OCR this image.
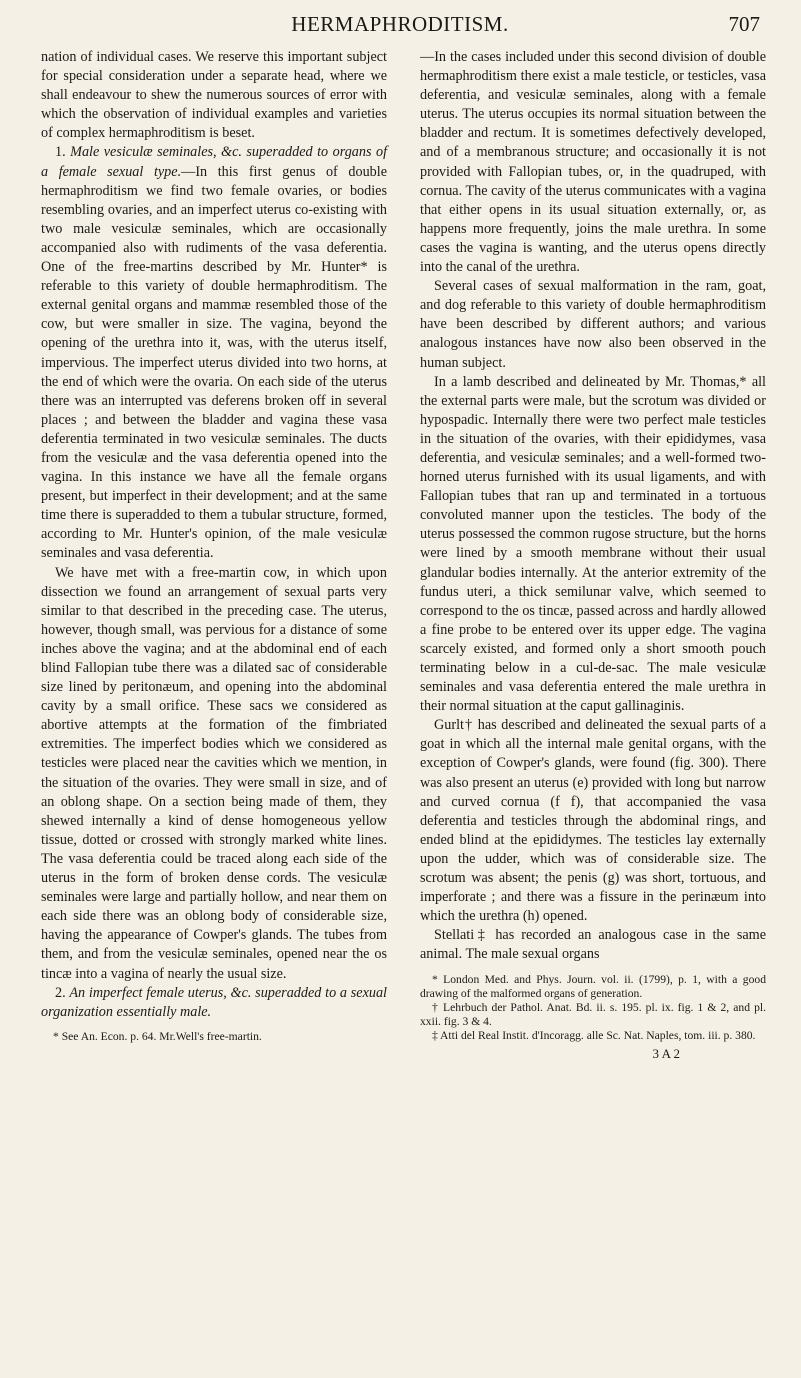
HERMAPHRODITISM.	707

nation of individual cases. We reserve this important subject for special consideration under a separate head, where we shall endeavour to shew the numerous sources of error with which the observation of individual examples and varieties of complex hermaphroditism is beset.

1. Male vesiculæ seminales, &c. superadded to organs of a female sexual type.—In this first genus of double hermaphroditism we find two female ovaries, or bodies resembling ovaries, and an imperfect uterus co-existing with two male vesiculæ seminales, which are occasionally accompanied also with rudiments of the vasa deferentia. One of the free-martins described by Mr. Hunter* is referable to this variety of double hermaphroditism. The external genital organs and mammæ resembled those of the cow, but were smaller in size. The vagina, beyond the opening of the urethra into it, was, with the uterus itself, impervious. The imperfect uterus divided into two horns, at the end of which were the ovaria. On each side of the uterus there was an interrupted vas deferens broken off in several places ; and between the bladder and vagina these vasa deferentia terminated in two vesiculæ seminales. The ducts from the vesiculæ and the vasa deferentia opened into the vagina. In this instance we have all the female organs present, but imperfect in their development; and at the same time there is superadded to them a tubular structure, formed, according to Mr. Hunter's opinion, of the male vesiculæ seminales and vasa deferentia.

We have met with a free-martin cow, in which upon dissection we found an arrangement of sexual parts very similar to that described in the preceding case. The uterus, however, though small, was pervious for a distance of some inches above the vagina; and at the abdominal end of each blind Fallopian tube there was a dilated sac of considerable size lined by peritonæum, and opening into the abdominal cavity by a small orifice. These sacs we considered as abortive attempts at the formation of the fimbriated extremities. The imperfect bodies which we considered as testicles were placed near the cavities which we mention, in the situation of the ovaries. They were small in size, and of an oblong shape. On a section being made of them, they shewed internally a kind of dense homogeneous yellow tissue, dotted or crossed with strongly marked white lines. The vasa deferentia could be traced along each side of the uterus in the form of broken dense cords. The vesiculæ seminales were large and partially hollow, and near them on each side there was an oblong body of considerable size, having the appearance of Cowper's glands. The tubes from them, and from the vesiculæ seminales, opened near the os tincæ into a vagina of nearly the usual size.

2. An imperfect female uterus, &c. superadded to a sexual organization essentially male.

* See An. Econ. p. 64. Mr.Well's free-martin.

—In the cases included under this second division of double hermaphroditism there exist a male testicle, or testicles, vasa deferentia, and vesiculæ seminales, along with a female uterus. The uterus occupies its normal situation between the bladder and rectum. It is sometimes defectively developed, and of a membranous structure; and occasionally it is not provided with Fallopian tubes, or, in the quadruped, with cornua. The cavity of the uterus communicates with a vagina that either opens in its usual situation externally, or, as happens more frequently, joins the male urethra. In some cases the vagina is wanting, and the uterus opens directly into the canal of the urethra.

Several cases of sexual malformation in the ram, goat, and dog referable to this variety of double hermaphroditism have been described by different authors; and various analogous instances have now also been observed in the human subject.

In a lamb described and delineated by Mr. Thomas,* all the external parts were male, but the scrotum was divided or hypospadic. Internally there were two perfect male testicles in the situation of the ovaries, with their epididymes, vasa deferentia, and vesiculæ seminales; and a well-formed two-horned uterus furnished with its usual ligaments, and with Fallopian tubes that ran up and terminated in a tortuous convoluted manner upon the testicles. The body of the uterus possessed the common rugose structure, but the horns were lined by a smooth membrane without their usual glandular bodies internally. At the anterior extremity of the fundus uteri, a thick semilunar valve, which seemed to correspond to the os tincæ, passed across and hardly allowed a fine probe to be entered over its upper edge. The vagina scarcely existed, and formed only a short smooth pouch terminating below in a cul-de-sac. The male vesiculæ seminales and vasa deferentia entered the male urethra in their normal situation at the caput gallinaginis.

Gurlt† has described and delineated the sexual parts of a goat in which all the internal male genital organs, with the exception of Cowper's glands, were found (fig. 300). There was also present an uterus (e) provided with long but narrow and curved cornua (f f), that accompanied the vasa deferentia and testicles through the abdominal rings, and ended blind at the epididymes. The testicles lay externally upon the udder, which was of considerable size. The scrotum was absent; the penis (g) was short, tortuous, and imperforate ; and there was a fissure in the perinæum into which the urethra (h) opened.

Stellati‡ has recorded an analogous case in the same animal. The male sexual organs

* London Med. and Phys. Journ. vol. ii. (1799), p. 1, with a good drawing of the malformed organs of generation.

† Lehrbuch der Pathol. Anat. Bd. ii. s. 195. pl. ix. fig. 1 & 2, and pl. xxii. fig. 3 & 4.

‡ Atti del Real Instit. d'Incoragg. alle Sc. Nat. Naples, tom. iii. p. 380.

3 A 2
